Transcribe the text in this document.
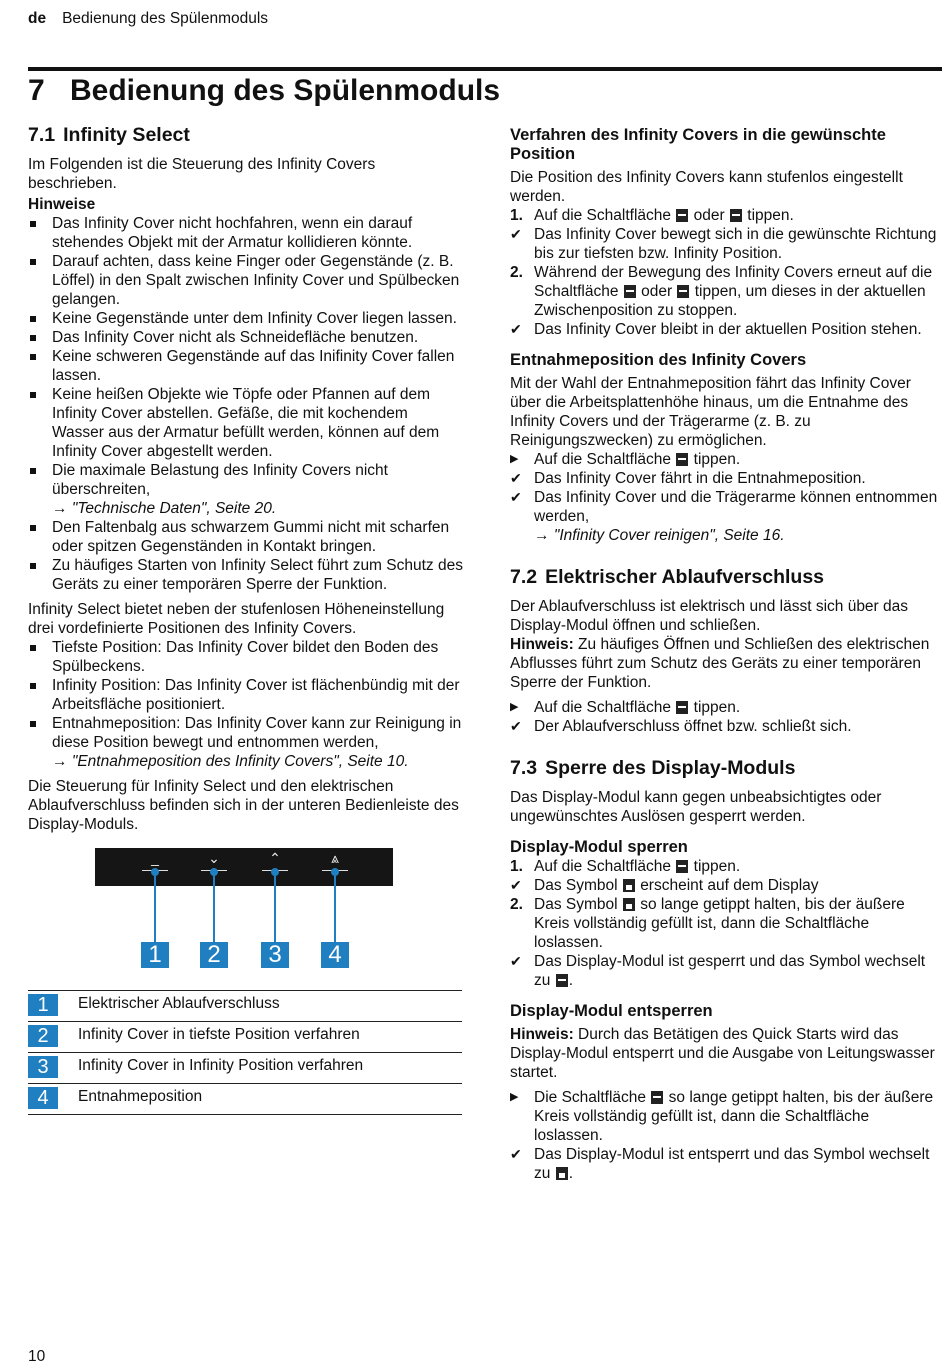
de Bedienung des Spülenmoduls
7 Bedienung des Spülenmoduls
7.1 Infinity Select

Im Folgenden ist die Steuerung des Infinity Covers beschrieben.

Hinweise

Das Infinity Cover nicht hochfahren, wenn ein darauf stehendes Objekt mit der Armatur kollidieren könnte.
Darauf achten, dass keine Finger oder Gegenstände (z. B. Löffel) in den Spalt zwischen Infinity Cover und Spülbecken gelangen.
Keine Gegenstände unter dem Infinity Cover liegen lassen.
Das Infinity Cover nicht als Schneidefläche benutzen.
Keine schweren Gegenstände auf das Inifinity Cover fallen lassen.
Keine heißen Objekte wie Töpfe oder Pfannen auf dem Infinity Cover abstellen. Gefäße, die mit kochendem Wasser aus der Armatur befüllt werden, können auf dem Infinity Cover abgestellt werden.
Die maximale Belastung des Infinity Covers nicht überschreiten,
→ "Technische Daten", Seite 20.
Den Faltenbalg aus schwarzem Gummi nicht mit scharfen oder spitzen Gegenständen in Kontakt bringen.
Zu häufiges Starten von Infinity Select führt zum Schutz des Geräts zu einer temporären Sperre der Funktion.

Infinity Select bietet neben der stufenlosen Höheneinstellung drei vordefinierte Positionen des Infinity Covers.

Tiefste Position: Das Infinity Cover bildet den Boden des Spülbeckens.
Infinity Position: Das Infinity Cover ist flächenbündig mit der Arbeitsfläche positioniert.
Entnahmeposition: Das Infinity Cover kann zur Reinigung in diese Position bewegt und entnommen werden,
→ "Entnahmeposition des Infinity Covers", Seite 10.

Die Steuerung für Infinity Select und den elektrischen Ablaufverschluss befinden sich in der unteren Bedienleiste des Display-Moduls.

_	⌄	⌃	⩓
1	2	3	4
1	Elektrischer Ablaufverschluss
2	Infinity Cover in tiefste Position verfahren
3	Infinity Cover in Infinity Position verfahren
4	Entnahmeposition
Verfahren des Infinity Covers in die gewünschte Position

Die Position des Infinity Covers kann stufenlos eingestellt werden.

1. Auf die Schaltfläche oder tippen.
✔ Das Infinity Cover bewegt sich in die gewünschte Richtung bis zur tiefsten bzw. Infinity Position.
2. Während der Bewegung des Infinity Covers erneut auf die Schaltfläche oder tippen, um dieses in der aktuellen Zwischenposition zu stoppen.
✔ Das Infinity Cover bleibt in der aktuellen Position stehen.
Entnahmeposition des Infinity Covers

Mit der Wahl der Entnahmeposition fährt das Infinity Cover über die Arbeitsplattenhöhe hinaus, um die Entnahme des Infinity Covers und der Trägerarme (z. B. zu Reinigungszwecken) zu ermöglichen.

▶	Auf die Schaltfläche tippen.
✔ Das Infinity Cover fährt in die Entnahmeposition.
✔ Das Infinity Cover und die Trägerarme können entnommen werden,
→ "Infinity Cover reinigen", Seite 16.
7.2 Elektrischer Ablaufverschluss

Der Ablaufverschluss ist elektrisch und lässt sich über das Display-Modul öffnen und schließen.

Hinweis: Zu häufiges Öffnen und Schließen des elektrischen Abflusses führt zum Schutz des Geräts zu einer temporären Sperre der Funktion.

▶	Auf die Schaltfläche tippen.
✔ Der Ablaufverschluss öffnet bzw. schließt sich.
7.3 Sperre des Display-Moduls

Das Display-Modul kann gegen unbeabsichtigtes oder ungewünschtes Auslösen gesperrt werden.

Display-Modul sperren
1. Auf die Schaltfläche tippen.
✔ Das Symbol erscheint auf dem Display
2. Das Symbol so lange getippt halten, bis der äußere Kreis vollständig gefüllt ist, dann die Schaltfläche loslassen.
✔ Das Display-Modul ist gesperrt und das Symbol wechselt zu .
Display-Modul entsperren

Hinweis: Durch das Betätigen des Quick Starts wird das Display-Modul entsperrt und die Ausgabe von Leitungswasser startet.

▶	Die Schaltfläche so lange getippt halten, bis der äußere Kreis vollständig gefüllt ist, dann die Schaltfläche loslassen.
✔ Das Display-Modul ist entsperrt und das Symbol wechselt zu .
10
